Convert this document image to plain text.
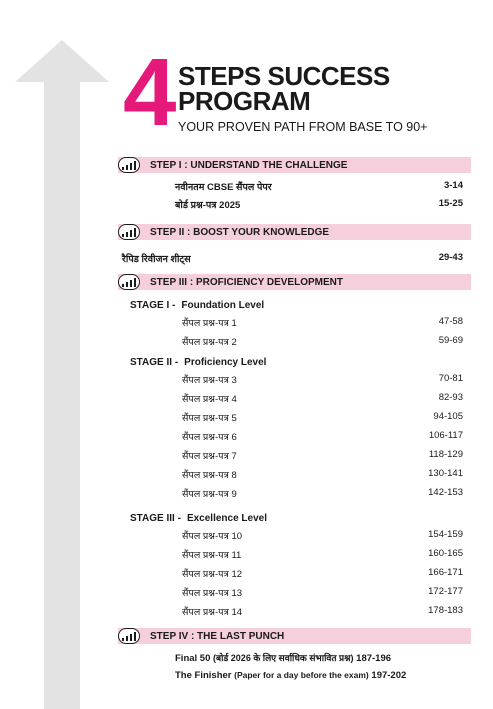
4 STEPS SUCCESS
PROGRAM
YOUR PROVEN PATH FROM BASE TO 90+
STEP I : UNDERSTAND THE CHALLENGE
नवीनतम CBSE सैंपल पेपर	3-14
बोर्ड प्रश्न-पत्र 2025	15-25
STEP II : BOOST YOUR KNOWLEDGE
रैपिड रिवीजन शीट्स	29-43
STEP III : PROFICIENCY DEVELOPMENT
STAGE I - Foundation Level
सैंपल प्रश्न-पत्र 1	47-58
सैंपल प्रश्न-पत्र 2	59-69
STAGE II - Proficiency Level
सैंपल प्रश्न-पत्र 3	70-81
सैंपल प्रश्न-पत्र 4	82-93
सैंपल प्रश्न-पत्र 5	94-105
सैंपल प्रश्न-पत्र 6	106-117
सैंपल प्रश्न-पत्र 7	118-129
सैंपल प्रश्न-पत्र 8	130-141
सैंपल प्रश्न-पत्र 9	142-153
STAGE III - Excellence Level
सैंपल प्रश्न-पत्र 10	154-159
सैंपल प्रश्न-पत्र 11	160-165
सैंपल प्रश्न-पत्र 12	166-171
सैंपल प्रश्न-पत्र 13	172-177
सैंपल प्रश्न-पत्र 14	178-183
STEP IV : THE LAST PUNCH
Final 50 (बोर्ड 2026 के लिए सर्वाधिक संभावित प्रश्न) 187-196
The Finisher (Paper for a day before the exam) 197-202
